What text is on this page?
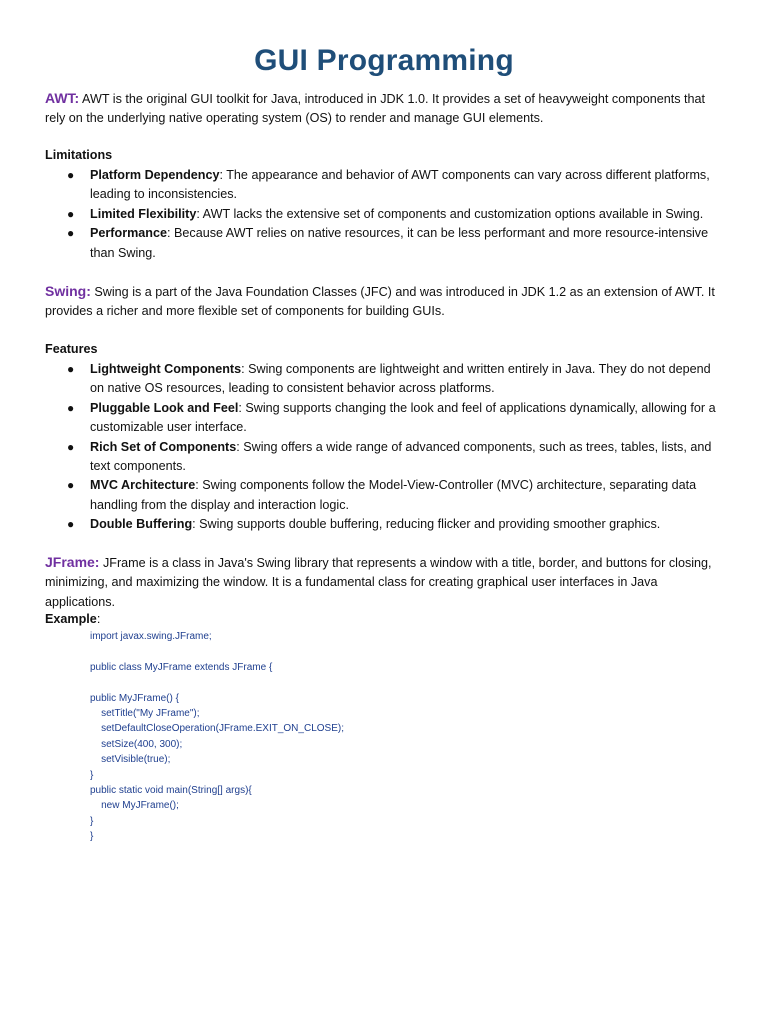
GUI Programming

AWT: AWT is the original GUI toolkit for Java, introduced in JDK 1.0. It provides a set of heavyweight components that rely on the underlying native operating system (OS) to render and manage GUI elements.

Limitations
● Platform Dependency: The appearance and behavior of AWT components can vary across different platforms, leading to inconsistencies.
● Limited Flexibility: AWT lacks the extensive set of components and customization options available in Swing.
● Performance: Because AWT relies on native resources, it can be less performant and more resource-intensive than Swing.

Swing: Swing is a part of the Java Foundation Classes (JFC) and was introduced in JDK 1.2 as an extension of AWT. It provides a richer and more flexible set of components for building GUIs.

Features
● Lightweight Components: Swing components are lightweight and written entirely in Java. They do not depend on native OS resources, leading to consistent behavior across platforms.
● Pluggable Look and Feel: Swing supports changing the look and feel of applications dynamically, allowing for a customizable user interface.
● Rich Set of Components: Swing offers a wide range of advanced components, such as trees, tables, lists, and text components.
● MVC Architecture: Swing components follow the Model-View-Controller (MVC) architecture, separating data handling from the display and interaction logic.
● Double Buffering: Swing supports double buffering, reducing flicker and providing smoother graphics.

JFrame: JFrame is a class in Java's Swing library that represents a window with a title, border, and buttons for closing, minimizing, and maximizing the window. It is a fundamental class for creating graphical user interfaces in Java applications.

Example:
import javax.swing.JFrame;

public class MyJFrame extends JFrame {

public MyJFrame() {
setTitle("My JFrame");
setDefaultCloseOperation(JFrame.EXIT_ON_CLOSE);
setSize(400, 300);
setVisible(true);
}
public static void main(String[] args){
new MyJFrame();
}
}
